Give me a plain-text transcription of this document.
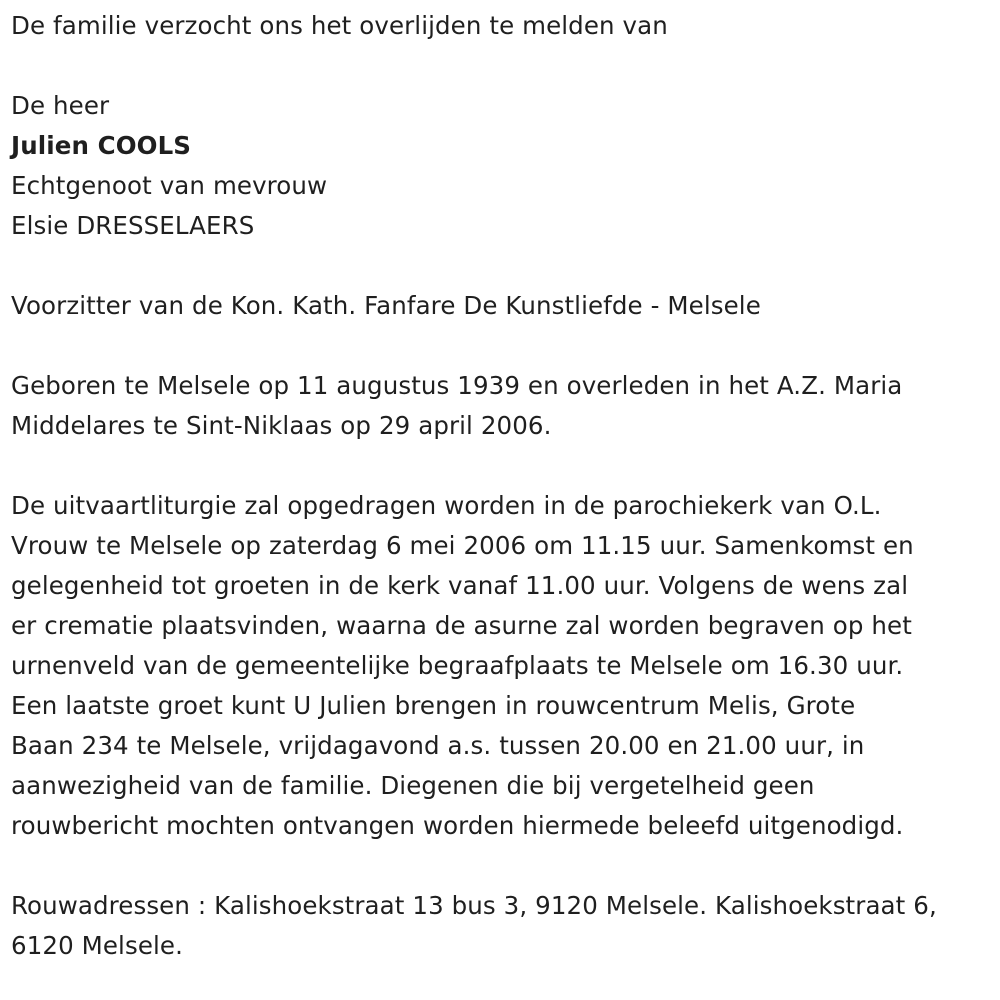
De familie verzocht ons het overlijden te melden van
De heer
Julien COOLS
Echtgenoot van mevrouw
Elsie DRESSELAERS
Voorzitter van de Kon. Kath. Fanfare De Kunstliefde - Melsele
Geboren te Melsele op 11 augustus 1939 en overleden in het A.Z. Maria
Middelares te Sint-Niklaas op 29 april 2006.
De uitvaartliturgie zal opgedragen worden in de parochiekerk van O.L.
Vrouw te Melsele op zaterdag 6 mei 2006 om 11.15 uur. Samenkomst en
gelegenheid tot groeten in de kerk vanaf 11.00 uur. Volgens de wens zal
er crematie plaatsvinden, waarna de asurne zal worden begraven op het
urnenveld van de gemeentelijke begraafplaats te Melsele om 16.30 uur.
Een laatste groet kunt U Julien brengen in rouwcentrum Melis, Grote
Baan 234 te Melsele, vrijdagavond a.s. tussen 20.00 en 21.00 uur, in
aanwezigheid van de familie. Diegenen die bij vergetelheid geen
rouwbericht mochten ontvangen worden hiermede beleefd uitgenodigd.
Rouwadressen : Kalishoekstraat 13 bus 3, 9120 Melsele. Kalishoekstraat 6,
6120 Melsele.
